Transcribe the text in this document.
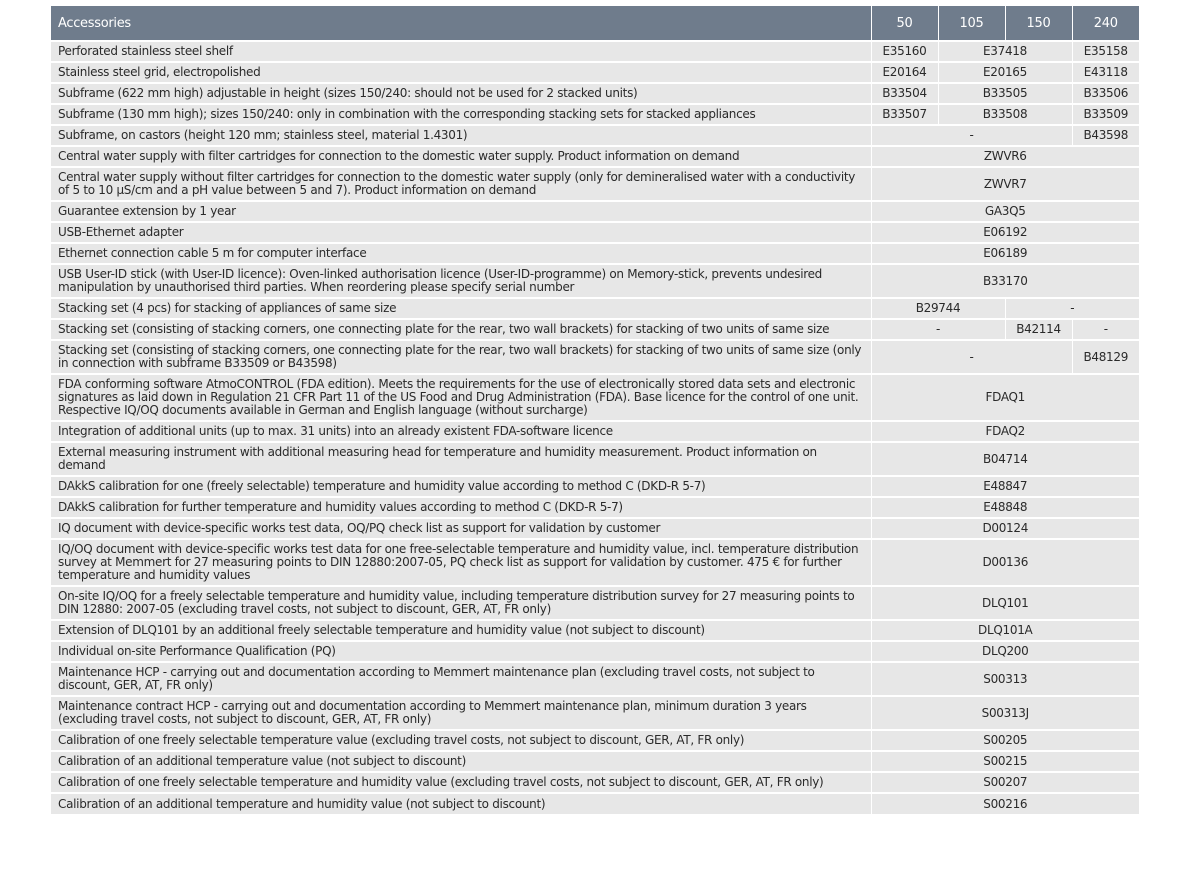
Accessories	50	105	150	240
Perforated stainless steel shelf	E35160	E37418		E35158
Stainless steel grid, electropolished	E20164	E20165		E43118
Subframe (622 mm high) adjustable in height (sizes 150/240: should not be used for 2 stacked units)	B33504	B33505		B33506
Subframe (130 mm high); sizes 150/240: only in combination with the corresponding stacking sets for stacked appliances	B33507	B33508		B33509
Subframe, on castors (height 120 mm; stainless steel, material 1.4301)	-			B43598
Central water supply with filter cartridges for connection to the domestic water supply. Product information on demand	ZWVR6			
Central water supply without filter cartridges for connection to the domestic water supply (only for demineralised water with a conductivity of 5 to 10 µS/cm and a pH value between 5 and 7). Product information on demand	ZWVR7			
Guarantee extension by 1 year	GA3Q5			
USB-Ethernet adapter	E06192			
Ethernet connection cable 5 m for computer interface	E06189			
USB User-ID stick (with User-ID licence): Oven-linked authorisation licence (User-ID-programme) on Memory-stick, prevents undesired manipulation by unauthorised third parties. When reordering please specify serial number	B33170			
Stacking set (4 pcs) for stacking of appliances of same size	B29744		-	
Stacking set (consisting of stacking corners, one connecting plate for the rear, two wall brackets) for stacking of two units of same size	-		B42114	-
Stacking set (consisting of stacking corners, one connecting plate for the rear, two wall brackets) for stacking of two units of same size (only in connection with subframe B33509 or B43598)	-			B48129
FDA conforming software AtmoCONTROL (FDA edition). Meets the requirements for the use of electronically stored data sets and electronic signatures as laid down in Regulation 21 CFR Part 11 of the US Food and Drug Administration (FDA). Base licence for the control of one unit. Respective IQ/OQ documents available in German and English language (without surcharge)	FDAQ1			
Integration of additional units (up to max. 31 units) into an already existent FDA-software licence	FDAQ2			
External measuring instrument with additional measuring head for temperature and humidity measurement. Product information on demand	B04714			
DAkkS calibration for one (freely selectable) temperature and humidity value according to method C (DKD-R 5-7)	E48847			
DAkkS calibration for further temperature and humidity values according to method C (DKD-R 5-7)	E48848			
IQ document with device-specific works test data, OQ/PQ check list as support for validation by customer	D00124			
IQ/OQ document with device-specific works test data for one free-selectable temperature and humidity value, incl. temperature distribution survey at Memmert for 27 measuring points to DIN 12880:2007-05, PQ check list as support for validation by customer. 475 € for further temperature and humidity values	D00136			
On-site IQ/OQ for a freely selectable temperature and humidity value, including temperature distribution survey for 27 measuring points to DIN 12880: 2007-05 (excluding travel costs, not subject to discount, GER, AT, FR only)	DLQ101			
Extension of DLQ101 by an additional freely selectable temperature and humidity value (not subject to discount)	DLQ101A			
Individual on-site Performance Qualification (PQ)	DLQ200			
Maintenance HCP - carrying out and documentation according to Memmert maintenance plan (excluding travel costs, not subject to discount, GER, AT, FR only)	S00313			
Maintenance contract HCP - carrying out and documentation according to Memmert maintenance plan, minimum duration 3 years (excluding travel costs, not subject to discount, GER, AT, FR only)	S00313J			
Calibration of one freely selectable temperature value (excluding travel costs, not subject to discount, GER, AT, FR only)	S00205			
Calibration of an additional temperature value (not subject to discount)	S00215			
Calibration of one freely selectable temperature and humidity value (excluding travel costs, not subject to discount, GER, AT, FR only)	S00207			
Calibration of an additional temperature and humidity value (not subject to discount)	S00216			
